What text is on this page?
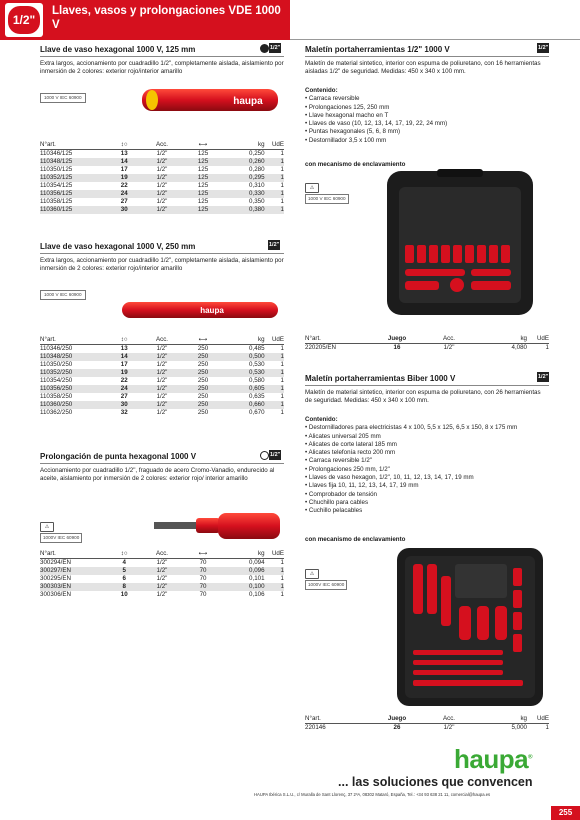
1/2"
Llaves, vasos y prolongaciones VDE 1000 V
Llave de vaso hexagonal 1000 V, 125 mm	1/2"
Extra largos, accionamiento por cuadradillo 1/2", completamente aislada, aislamiento por inmersión de 2 colores: exterior rojo/interior amarillo
1000 V IEC 60900	haupa
N°art.	↕○	Acc.	⟷	kg	UdE
110346/125	13	1/2"	125	0,250	1
110348/125	14	1/2"	125	0,260	1
110350/125	17	1/2"	125	0,280	1
110352/125	19	1/2"	125	0,295	1
110354/125	22	1/2"	125	0,310	1
110356/125	24	1/2"	125	0,330	1
110358/125	27	1/2"	125	0,350	1
110360/125	30	1/2"	125	0,380	1
Llave de vaso hexagonal 1000 V, 250 mm	1/2"
Extra largos, accionamiento por cuadradillo 1/2", completamente aislada, aislamiento por inmersión de 2 colores: exterior rojo/interior amarillo
1000 V IEC 60900
haupa
N°art.	↕○	Acc.	⟷	kg	UdE
110346/250	13	1/2"	250	0,485	1
110348/250	14	1/2"	250	0,500	1
110350/250	17	1/2"	250	0,530	1
110352/250	19	1/2"	250	0,530	1
110354/250	22	1/2"	250	0,580	1
110356/250	24	1/2"	250	0,605	1
110358/250	27	1/2"	250	0,635	1
110360/250	30	1/2"	250	0,660	1
110362/250	32	1/2"	250	0,670	1
Prolongación de punta hexagonal 1000 V	1/2"
Accionamiento por cuadradillo 1/2", fraguado de acero Cromo-Vanadio, endurecido al aceite, aislamiento por inmersión de 2 colores: exterior rojo/ interior amarillo
⚠
1000V IEC 60900
N°art.	↕○	Acc.	⟷	kg	UdE
300294/EN	4	1/2"	70	0,094	1
300297/EN	5	1/2"	70	0,096	1
300295/EN	6	1/2"	70	0,101	1
300303/EN	8	1/2"	70	0,100	1
300306/EN	10	1/2"	70	0,106	1
Maletín portaherramientas 1/2" 1000 V	1/2"
Maletín de material sintetico, interior con espuma de poliuretano, con 16 herramientas aisladas 1/2" de seguridad. Medidas: 450 x 340 x 100 mm.
Contenido:
• Carraca reversible
• Prolongaciones 125, 250 mm
• Llave hexagonal macho en T
• Llaves de vaso (10, 12, 13, 14, 17, 19, 22, 24 mm)
• Puntas hexagonales (5, 6, 8 mm)
• Destornillador 3,5 x 100 mm
con mecanismo de enclavamiento
⚠
1000 V IEC 60900
N°art.	Juego	Acc.	kg	UdE
220205/EN	16	1/2"	4,080	1
Maletín portaherramientas Biber 1000 V	1/2"
Maletín de material sintetico, interior con espuma de poliuretano, con 26 herramientas de seguridad. Medidas: 450 x 340 x 100 mm.
Contenido:
• Destornilladores para electricistas 4 x 100, 5,5 x 125, 6,5 x 150, 8 x 175 mm
• Alicates universal 205 mm
• Alicates de corte lateral 185 mm
• Alicates telefonía recto 200 mm
• Carraca reversible 1/2"
• Prolongaciones 250 mm, 1/2"
• Llaves de vaso hexagon, 1/2", 10, 11, 12, 13, 14, 17, 19 mm
• Llaves fija 10, 11, 12, 13, 14, 17, 19 mm
• Comprobador de tensión
• Chuchillo para cables
• Cuchillo pelacables
con mecanismo de enclavamiento
⚠
1000V IEC 60900
N°art.	Juego	Acc.	kg	UdE
220146	26	1/2"	5,000	1
haupa®
... las soluciones que convencen
HAUPA Ibérica S.L.U., c/ Muralla de Sant Llorenç, 37 2ºA, 08302 Mataró, España, Tel.: +34 93 638 21 11, comercial@haupa.es
255
